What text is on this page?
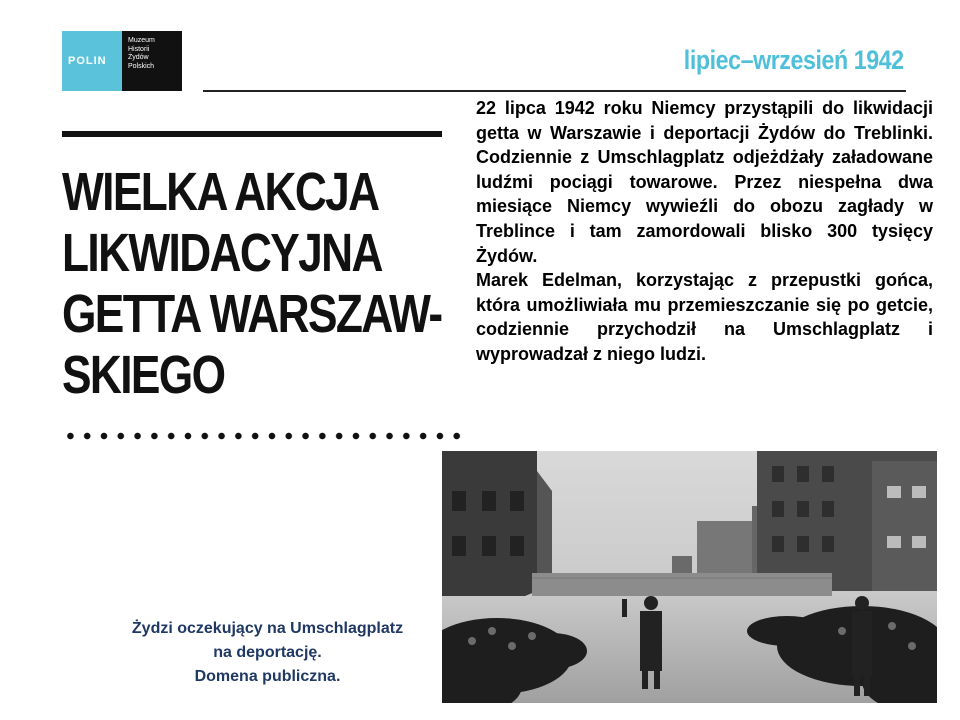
POLIN
Muzeum
Historii
Żydów
Polskich	lipiec–wrzesień 1942
WIELKA AKCJA
LIKWIDACYJNA
GETTA WARSZAW-
SKIEGO

22 lipca 1942 roku Niemcy przystąpili do likwidacji getta w Warszawie i deportacji Żydów do Treblinki. Codziennie z Umschlagplatz odjeżdżały załadowane ludźmi pociągi towarowe. Przez niespełna dwa miesiące Niemcy wywieźli do obozu zagłady w Treblince i tam zamordowali blisko 300 tysięcy Żydów.

Marek Edelman, korzystając z przepustki gońca, która umożliwiała mu przemieszczanie się po getcie, codziennie przychodził na Umschlagplatz i wyprowadzał z niego ludzi.

Żydzi oczekujący na Umschlagplatz
na deportację.
Domena publiczna.
